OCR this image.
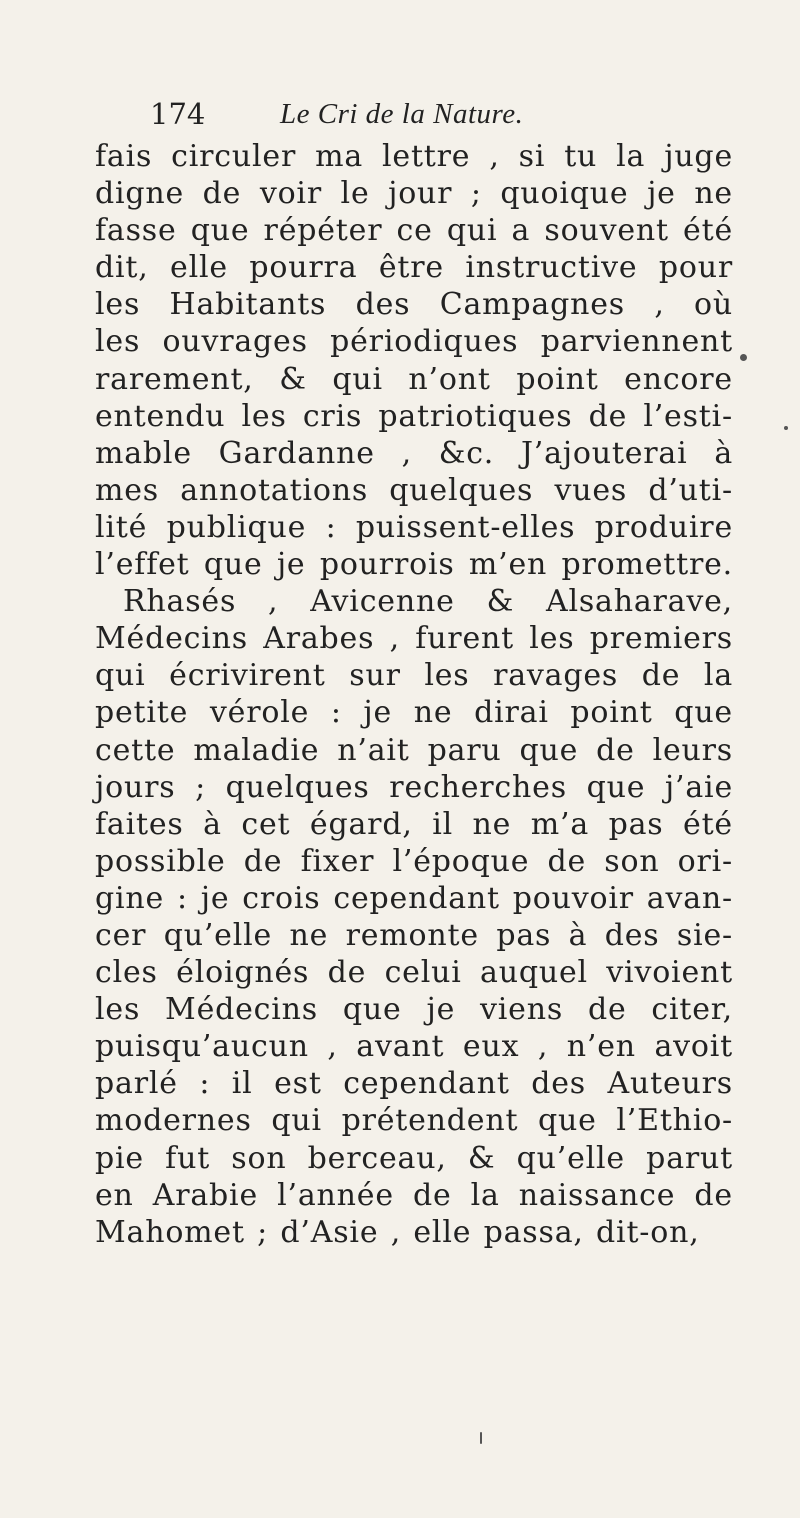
174	Le Cri de la Nature.
fais circuler ma lettre , si tu la juge
digne de voir le jour ; quoique je ne
fasse que répéter ce qui a souvent été
dit, elle pourra être instructive pour
les Habitants des Campagnes , où
les ouvrages périodiques parviennent
rarement, & qui n’ont point encore
entendu les cris patriotiques de l’esti-
mable Gardanne , &c. J’ajouterai à
mes annotations quelques vues d’uti-
lité publique : puissent-elles produire
l’effet que je pourrois m’en promettre.
Rhasés , Avicenne & Alsaharave,
Médecins Arabes , furent les premiers
qui écrivirent sur les ravages de la
petite vérole : je ne dirai point que
cette maladie n’ait paru que de leurs
jours ; quelques recherches que j’aie
faites à cet égard, il ne m’a pas été
possible de fixer l’époque de son ori-
gine : je crois cependant pouvoir avan-
cer qu’elle ne remonte pas à des sie-
cles éloignés de celui auquel vivoient
les Médecins que je viens de citer,
puisqu’aucun , avant eux , n’en avoit
parlé : il est cependant des Auteurs
modernes qui prétendent que l’Ethio-
pie fut son berceau, & qu’elle parut
en Arabie l’année de la naissance de
Mahomet ; d’Asie , elle passa, dit-on,
